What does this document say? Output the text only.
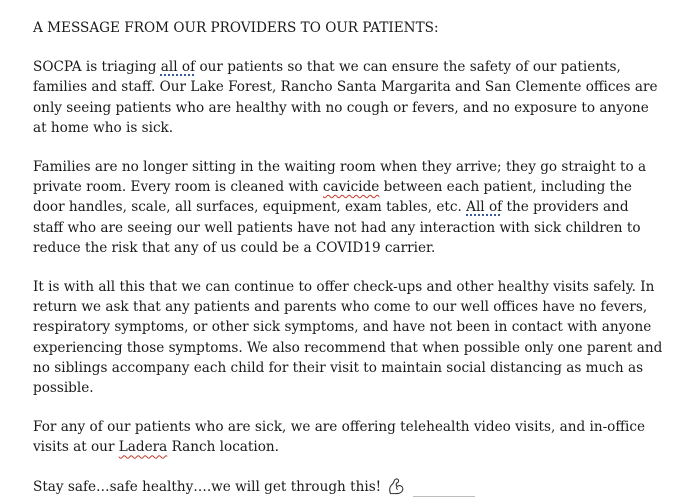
A MESSAGE FROM OUR PROVIDERS TO OUR PATIENTS:

SOCPA is triaging all of our patients so that we can ensure the safety of our patients, families and staff. Our Lake Forest, Rancho Santa Margarita and San Clemente offices are only seeing patients who are healthy with no cough or fevers, and no exposure to anyone at home who is sick.

Families are no longer sitting in the waiting room when they arrive; they go straight to a private room. Every room is cleaned with cavicide between each patient, including the door handles, scale, all surfaces, equipment, exam tables, etc. All of the providers and staff who are seeing our well patients have not had any interaction with sick children to reduce the risk that any of us could be a COVID19 carrier.

It is with all this that we can continue to offer check-ups and other healthy visits safely. In return we ask that any patients and parents who come to our well offices have no fevers, respiratory symptoms, or other sick symptoms, and have not been in contact with anyone experiencing those symptoms. We also recommend that when possible only one parent and no siblings accompany each child for their visit to maintain social distancing as much as possible.

For any of our patients who are sick, we are offering telehealth video visits, and in-office visits at our Ladera Ranch location.

Stay safe…safe healthy….we will get through this!
